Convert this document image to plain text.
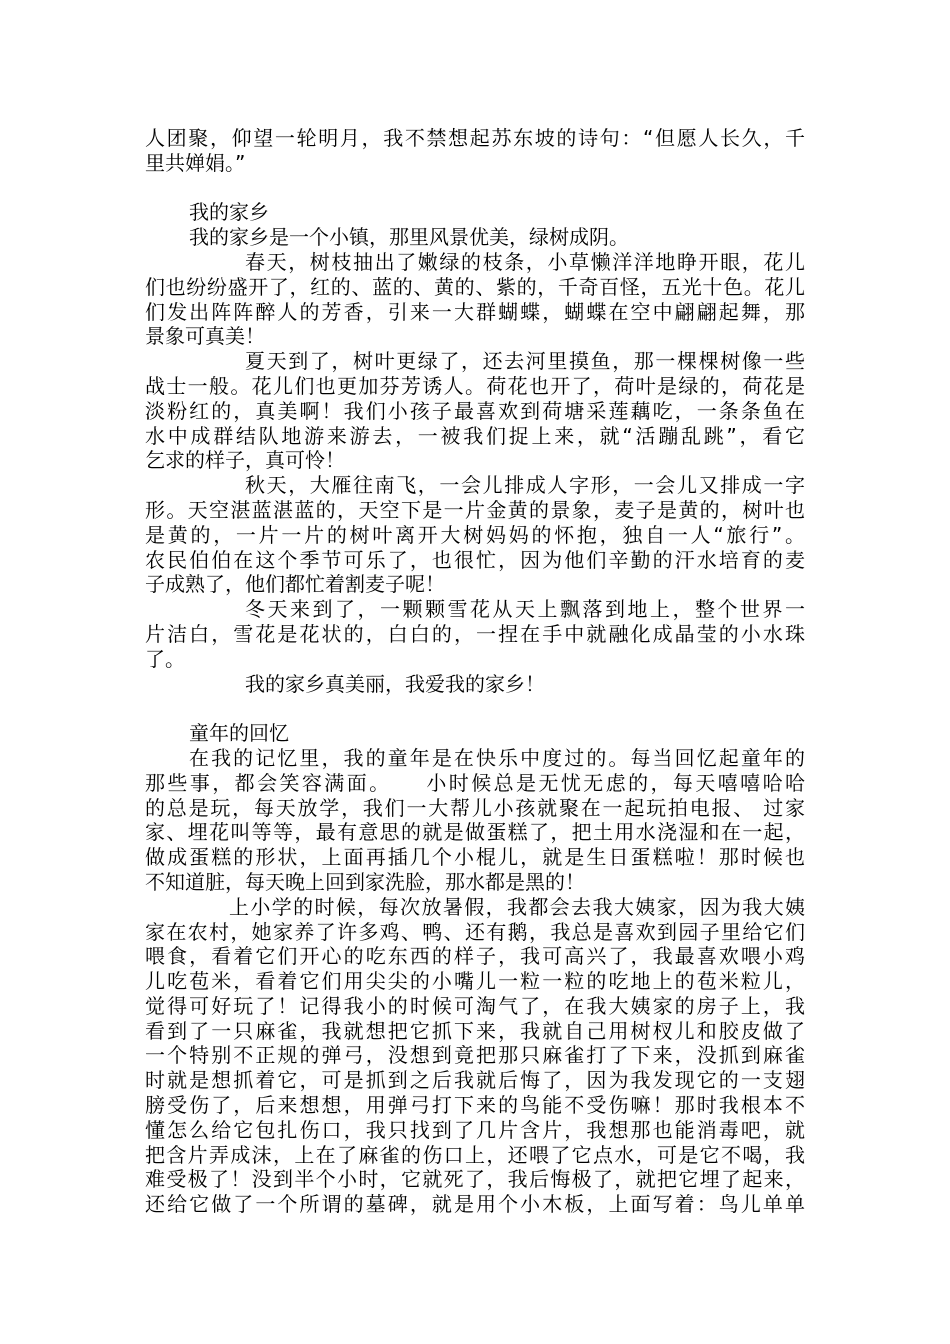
人团聚，仰望一轮明月，我不禁想起苏东坡的诗句：“但愿人长久，千
里共婵娟。”
我的家乡
我的家乡是一个小镇，那里风景优美，绿树成阴。
春天，树枝抽出了嫩绿的枝条，小草懒洋洋地睁开眼，花儿
们也纷纷盛开了，红的、蓝的、黄的、紫的，千奇百怪，五光十色。花儿
们发出阵阵醉人的芳香，引来一大群蝴蝶，蝴蝶在空中翩翩起舞，那
景象可真美！
夏天到了，树叶更绿了，还去河里摸鱼，那一棵棵树像一些
战士一般。花儿们也更加芬芳诱人。荷花也开了，荷叶是绿的，荷花是
淡粉红的，真美啊！我们小孩子最喜欢到荷塘采莲藕吃，一条条鱼在
水中成群结队地游来游去，一被我们捉上来，就“活蹦乱跳”，看它
乞求的样子，真可怜！
秋天，大雁往南飞，一会儿排成人字形，一会儿又排成一字
形。天空湛蓝湛蓝的，天空下是一片金黄的景象，麦子是黄的，树叶也
是黄的，一片一片的树叶离开大树妈妈的怀抱，独自一人“旅行”。
农民伯伯在这个季节可乐了，也很忙，因为他们辛勤的汗水培育的麦
子成熟了，他们都忙着割麦子呢！
冬天来到了，一颗颗雪花从天上飘落到地上，整个世界一
片洁白，雪花是花状的，白白的，一捏在手中就融化成晶莹的小水珠
了。
我的家乡真美丽，我爱我的家乡！
童年的回忆
在我的记忆里，我的童年是在快乐中度过的。每当回忆起童年的
那些事，都会笑容满面。　　小时候总是无忧无虑的，每天嘻嘻哈哈
的总是玩，每天放学，我们一大帮儿小孩就聚在一起玩拍电报、 过家
家、埋花叫等等，最有意思的就是做蛋糕了，把土用水浇湿和在一起，
做成蛋糕的形状，上面再插几个小棍儿，就是生日蛋糕啦！那时候也
不知道脏，每天晚上回到家洗脸，那水都是黑的！
上小学的时候，每次放暑假，我都会去我大姨家，因为我大姨
家在农村，她家养了许多鸡、鸭、还有鹅，我总是喜欢到园子里给它们
喂食，看着它们开心的吃东西的样子，我可高兴了，我最喜欢喂小鸡
儿吃苞米，看着它们用尖尖的小嘴儿一粒一粒的吃地上的苞米粒儿，
觉得可好玩了！记得我小的时候可淘气了，在我大姨家的房子上，我
看到了一只麻雀，我就想把它抓下来，我就自己用树杈儿和胶皮做了
一个特别不正规的弹弓，没想到竟把那只麻雀打了下来，没抓到麻雀
时就是想抓着它，可是抓到之后我就后悔了，因为我发现它的一支翅
膀受伤了，后来想想，用弹弓打下来的鸟能不受伤嘛！那时我根本不
懂怎么给它包扎伤口，我只找到了几片含片，我想那也能消毒吧，就
把含片弄成沫，上在了麻雀的伤口上，还喂了它点水，可是它不喝，我
难受极了！没到半个小时，它就死了，我后悔极了，就把它埋了起来，
还给它做了一个所谓的墓碑，就是用个小木板，上面写着：鸟儿单单
